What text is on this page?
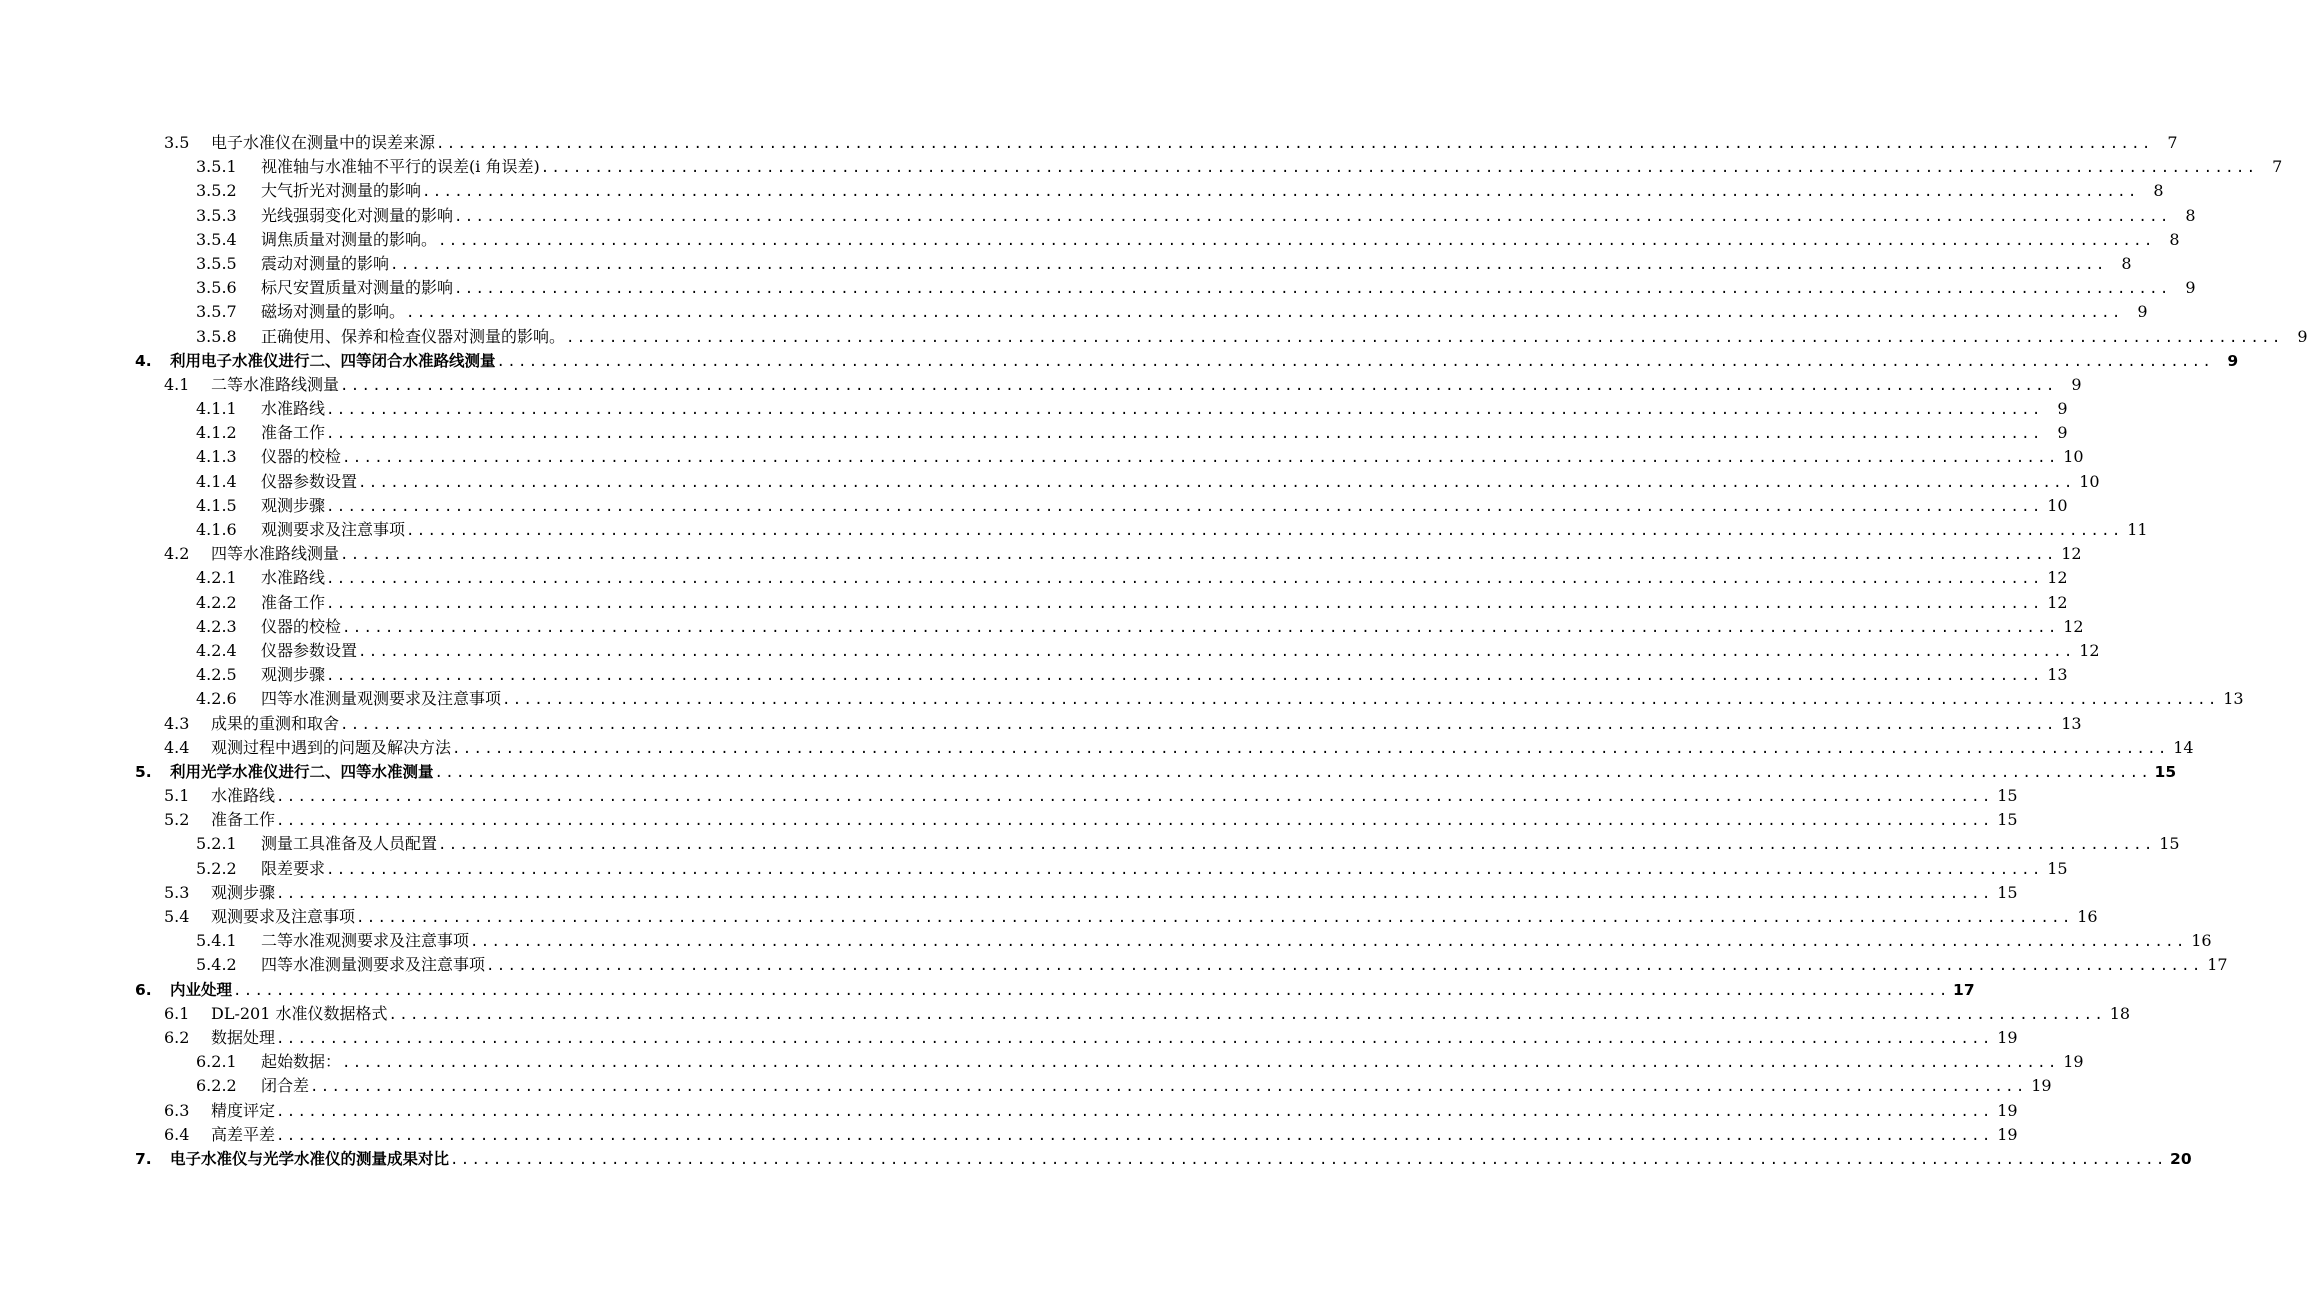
3.5	电子水准仪在测量中的误差来源 ................................................................................................................................................................ 7
3.5.1	视准轴与水准轴不平行的误差(i 角误差) ................................................................................................................................................................ 7
3.5.2	大气折光对测量的影响 ................................................................................................................................................................ 8
3.5.3	光线强弱变化对测量的影响 ................................................................................................................................................................ 8
3.5.4	调焦质量对测量的影响。 ................................................................................................................................................................ 8
3.5.5	震动对测量的影响 ................................................................................................................................................................ 8
3.5.6	标尺安置质量对测量的影响 ................................................................................................................................................................ 9
3.5.7	磁场对测量的影响。 ................................................................................................................................................................ 9
3.5.8	正确使用、保养和检查仪器对测量的影响。 ................................................................................................................................................................ 9
4.	利用电子水准仪进行二、四等闭合水准路线测量 ................................................................................................................................................................ 9
4.1	二等水准路线测量 ................................................................................................................................................................ 9
4.1.1	水准路线 ................................................................................................................................................................ 9
4.1.2	准备工作 ................................................................................................................................................................ 9
4.1.3	仪器的校检 ................................................................................................................................................................ 10
4.1.4	仪器参数设置 ................................................................................................................................................................ 10
4.1.5	观测步骤 ................................................................................................................................................................ 10
4.1.6	观测要求及注意事项 ................................................................................................................................................................ 11
4.2	四等水准路线测量 ................................................................................................................................................................ 12
4.2.1	水准路线 ................................................................................................................................................................ 12
4.2.2	准备工作 ................................................................................................................................................................ 12
4.2.3	仪器的校检 ................................................................................................................................................................ 12
4.2.4	仪器参数设置 ................................................................................................................................................................ 12
4.2.5	观测步骤 ................................................................................................................................................................ 13
4.2.6	四等水准测量观测要求及注意事项 ................................................................................................................................................................ 13
4.3	成果的重测和取舍 ................................................................................................................................................................ 13
4.4	观测过程中遇到的问题及解决方法 ................................................................................................................................................................ 14
5.	利用光学水准仪进行二、四等水准测量 ................................................................................................................................................................ 15
5.1	水准路线 ................................................................................................................................................................ 15
5.2	准备工作 ................................................................................................................................................................ 15
5.2.1	测量工具准备及人员配置 ................................................................................................................................................................ 15
5.2.2	限差要求 ................................................................................................................................................................ 15
5.3	观测步骤 ................................................................................................................................................................ 15
5.4	观测要求及注意事项 ................................................................................................................................................................ 16
5.4.1	二等水准观测要求及注意事项 ................................................................................................................................................................ 16
5.4.2	四等水准测量测要求及注意事项 ................................................................................................................................................................ 17
6.	内业处理 ................................................................................................................................................................ 17
6.1	DL-201 水准仪数据格式 ................................................................................................................................................................ 18
6.2	数据处理 ................................................................................................................................................................ 19
6.2.1	起始数据： ................................................................................................................................................................ 19
6.2.2	闭合差 ................................................................................................................................................................ 19
6.3	精度评定 ................................................................................................................................................................ 19
6.4	高差平差 ................................................................................................................................................................ 19
7.	电子水准仪与光学水准仪的测量成果对比 ................................................................................................................................................................ 20
